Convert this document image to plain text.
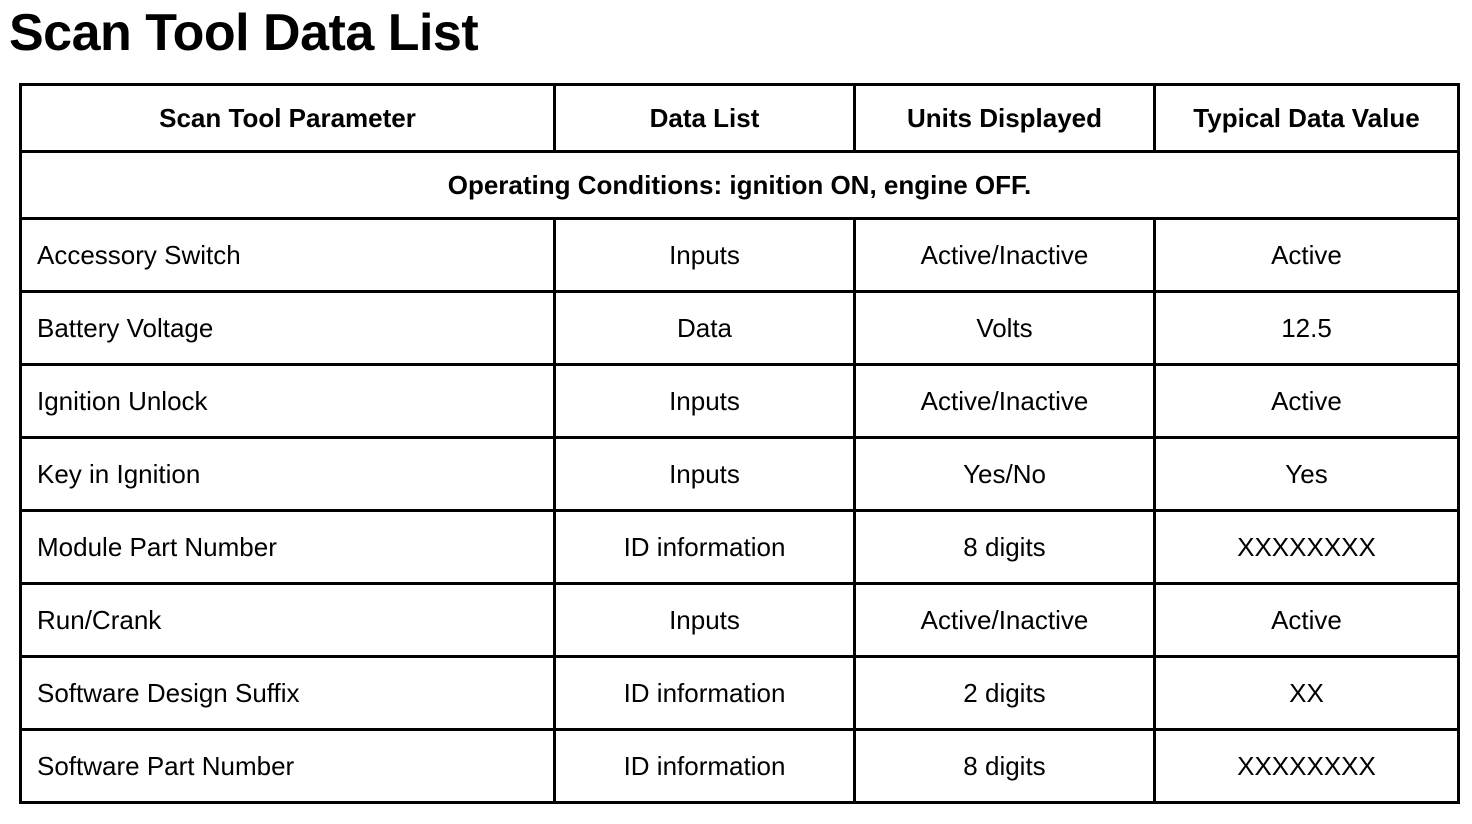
Scan Tool Data List
Scan Tool Parameter	Data List	Units Displayed	Typical Data Value
Operating Conditions: ignition ON, engine OFF.			
Accessory Switch	Inputs	Active/Inactive	Active
Battery Voltage	Data	Volts	12.5
Ignition Unlock	Inputs	Active/Inactive	Active
Key in Ignition	Inputs	Yes/No	Yes
Module Part Number	ID information	8 digits	XXXXXXXX
Run/Crank	Inputs	Active/Inactive	Active
Software Design Suffix	ID information	2 digits	XX
Software Part Number	ID information	8 digits	XXXXXXXX
